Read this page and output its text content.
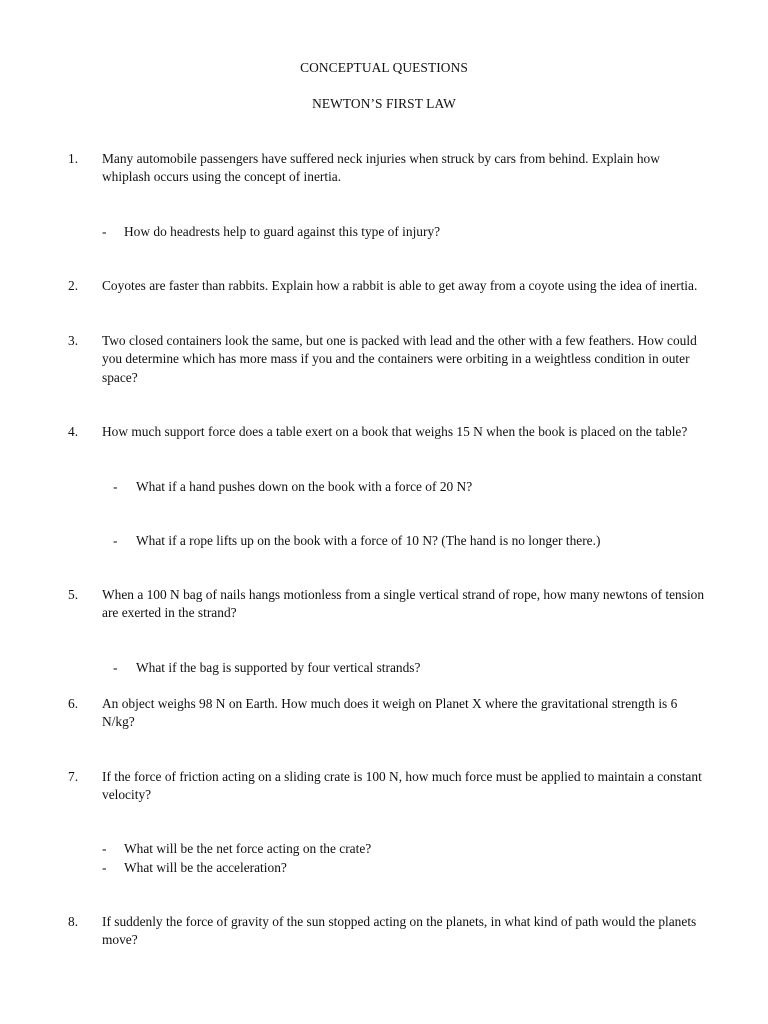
CONCEPTUAL QUESTIONS
NEWTON’S FIRST LAW
1. Many automobile passengers have suffered neck injuries when struck by cars from behind. Explain how whiplash occurs using the concept of inertia.
- How do headrests help to guard against this type of injury?
2. Coyotes are faster than rabbits. Explain how a rabbit is able to get away from a coyote using the idea of inertia.
3. Two closed containers look the same, but one is packed with lead and the other with a few feathers. How could you determine which has more mass if you and the containers were orbiting in a weightless condition in outer space?
4. How much support force does a table exert on a book that weighs 15 N when the book is placed on the table?
- What if a hand pushes down on the book with a force of 20 N?
- What if a rope lifts up on the book with a force of 10 N? (The hand is no longer there.)
5. When a 100 N bag of nails hangs motionless from a single vertical strand of rope, how many newtons of tension are exerted in the strand?
- What if the bag is supported by four vertical strands?
6. An object weighs 98 N on Earth. How much does it weigh on Planet X where the gravitational strength is 6 N/kg?
7. If the force of friction acting on a sliding crate is 100 N, how much force must be applied to maintain a constant velocity?
- What will be the net force acting on the crate?
- What will be the acceleration?
8. If suddenly the force of gravity of the sun stopped acting on the planets, in what kind of path would the planets move?
